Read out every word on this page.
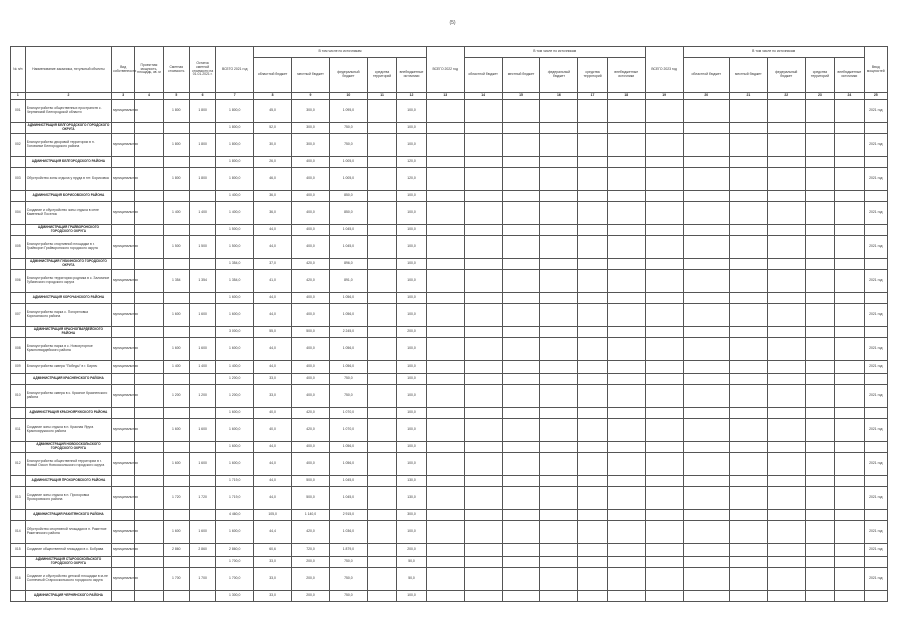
(5)
№ п/п	Наименование заказчика, титульный объекты	Вид собственности	Проектная мощность, площадь, кв. м	Сметная стоимость	Остаток сметной стоимости на 01.01.2021 г.	ВСЕГО 2021 год	В том числе по источникам					ВСЕГО 2022 год	В том числе по источникам					ВСЕГО 2023 год	В том числе по источникам					Ввод мощностей
							областной бюджет	местный бюджет	федеральный бюджет	средства территорий	внебюджетные источники		областной бюджет	местный бюджет	федеральный бюджет	средства территорий	внебюджетные источники		областной бюджет	местный бюджет	федеральный бюджет	средства территорий	внебюджетные источники	
1	2	3	4	5	6	7	8	9	10	11	12	13	14	15	16	17	18	19	20	21	22	23	24	25
001	Благоустройство общественных пространств с. Чернянский Белгородской области	муниципальная		1 800	1 800	1 800,0	45,0	300,0	1 095,0		100,0													2021 год
	АДМИНИСТРАЦИЯ БЕЛГОРОДСКОГО ГОРОДСКОГО ОКРУГА					1 800,0	52,0	300,0	750,0		100,0													
002	Благоустройство дворовой территории в п. Голованье Белгородского района	муниципальная		1 800	1 800	1 800,0	30,0	300,0	750,0		100,0													2021 год
	АДМИНИСТРАЦИЯ БЕЛГОРОДСКОГО РАЙОНА					1 800,0	26,0	400,0	1 005,0		120,0													
003	Обустройство зоны отдыха у пруда в пгт. Борисовка	муниципальная		1 800	1 800	1 800,0	46,0	400,0	1 005,0		120,0													2021 год
	АДМИНИСТРАЦИЯ БОРИСОВСКОГО РАЙОНА					1 400,0	36,0	400,0	850,0		100,0													
004	Создание и обустройство зоны отдыха в селе Каменный Поселок	муниципальная		1 400	1 400	1 400,0	36,0	400,0	850,0		100,0													2021 год
	АДМИНИСТРАЦИЯ ГРАЙВОРОНСКОГО ГОРОДСКОГО ОКРУГА					1 500,0	44,0	400,0	1 045,0		100,0													
005	Благоустройство спортивной площадки в г. Грайворон Грайворонского городского округа	муниципальная		1 500	1 500	1 500,0	44,0	400,0	1 045,0		100,0													2021 год
	АДМИНИСТРАЦИЯ ГУБКИНСКОГО ГОРОДСКОГО ОКРУГА					1 354,0	37,0	420,0	896,0		100,0													
006	Благоустройство территории родника в с. Заломное Губкинского городского округа	муниципальная		1 354	1 354	1 354,0	41,0	420,0	891,0		100,0													2021 год
	АДМИНИСТРАЦИЯ КОРОЧАНСКОГО РАЙОНА					1 600,0	44,0	400,0	1 056,0		100,0													
007	Благоустройство парка с. Погореловка Корочанского района	муниципальная		1 600	1 600	1 600,0	44,0	400,0	1 056,0		100,0													2021 год
	АДМИНИСТРАЦИЯ КРАСНОГВАРДЕЙСКОГО РАЙОНА					3 000,0	55,0	500,0	2 245,0		200,0													
008	Благоустройство парка в с. Новохуторное Красногвардейского района	муниципальная		1 600	1 600	1 600,0	44,0	400,0	1 056,0		100,0													2021 год
009	Благоустройство сквера "Победы" в г. Бирюч	муниципальная		1 400	1 400	1 400,0	44,0	400,0	1 056,0		100,0													2021 год
	АДМИНИСТРАЦИЯ КРАСНЕНСКОГО РАЙОНА					1 200,0	33,0	400,0	750,0		100,0													
010	Благоустройство сквера в с. Красное Красненского района	муниципальная		1 200	1 200	1 200,0	33,0	400,0	750,0		100,0													2021 год
	АДМИНИСТРАЦИЯ КРАСНОЯРУЖСКОГО РАЙОНА					1 600,0	40,0	420,0	1 070,0		100,0													
011	Создание зоны отдыха в п. Красная Яруга Краснояружского района	муниципальная		1 600	1 600	1 600,0	40,0	420,0	1 070,0		100,0													2021 год
	АДМИНИСТРАЦИЯ НОВООСКОЛЬСКОГО ГОРОДСКОГО ОКРУГА					1 600,0	44,0	400,0	1 056,0		100,0													
012	Благоустройство общественной территории в г. Новый Оскол Новооскольского городского округа	муниципальная		1 600	1 600	1 600,0	44,0	400,0	1 056,0		100,0													2021 год
	АДМИНИСТРАЦИЯ ПРОХОРОВСКОГО РАЙОНА					1 719,0	44,0	500,0	1 045,0		130,0													
013	Создание зоны отдыха в п. Прохоровка Прохоровского района	муниципальная		1 720	1 720	1 719,0	44,0	500,0	1 045,0		130,0													2021 год
	АДМИНИСТРАЦИЯ РАКИТЯНСКОГО РАЙОНА					4 460,0	105,0	1 140,0	2 915,0		300,0													
014	Обустройство спортивной площадки в п. Ракитное Ракитянского района	муниципальная		1 600	1 600	1 600,0	44,4	420,0	1 036,0		100,0													2021 год
015	Создание общественной площадки в с. Бобрава	муниципальная		2 860	2 860	2 860,0	60,6	720,0	1 879,0		200,0													2021 год
	АДМИНИСТРАЦИЯ СТАРООСКОЛЬСКОГО ГОРОДСКОГО ОКРУГА					1 700,0	33,0	200,0	750,0		50,0													
016	Создание и обустройство детской площадки в м-не Солнечный Старооскольского городского округа	муниципальная		1 700	1 700	1 700,0	33,0	200,0	750,0		50,0													2021 год
	АДМИНИСТРАЦИЯ ЧЕРНЯНСКОГО РАЙОНА					1 300,0	33,0	200,0	750,0		100,0													
